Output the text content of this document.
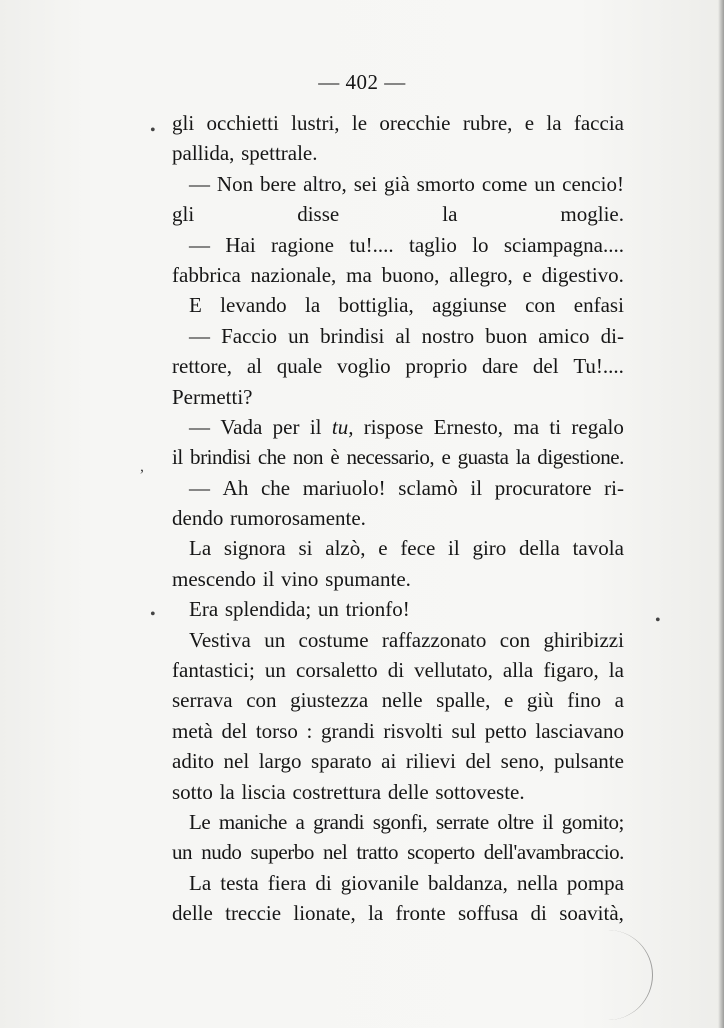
— 402 —
gli occhietti lustri, le orecchie rubre, e la faccia
pallida, spettrale.
— Non bere altro, sei già smorto come un cencio!
gli	disse	la	moglie.
— Hai ragione tu!.... taglio lo sciampagna....
fabbrica nazionale, ma buono, allegro, e digestivo.
E levando la bottiglia, aggiunse con enfasi
— Faccio un brindisi al nostro buon amico di-
rettore, al quale voglio proprio dare del Tu!....
Permetti?
— Vada per il tu, rispose Ernesto, ma ti regalo
il brindisi che non è necessario, e guasta la digestione.
— Ah che mariuolo! sclamò il procuratore ri-
dendo rumorosamente.
La signora si alzò, e fece il giro della tavola
mescendo il vino spumante.
Era splendida; un trionfo!
Vestiva un costume raffazzonato con ghiribizzi
fantastici; un corsaletto di vellutato, alla figaro, la
serrava con giustezza nelle spalle, e giù fino a
metà del torso : grandi risvolti sul petto lasciavano
adito nel largo sparato ai rilievi del seno, pulsante
sotto la liscia costrettura delle sottoveste.
Le maniche a grandi sgonfi, serrate oltre il gomito;
un nudo superbo nel tratto scoperto dell'avambraccio.
La testa fiera di giovanile baldanza, nella pompa
delle treccie lionate, la fronte soffusa di soavità,
•
•
,
•
